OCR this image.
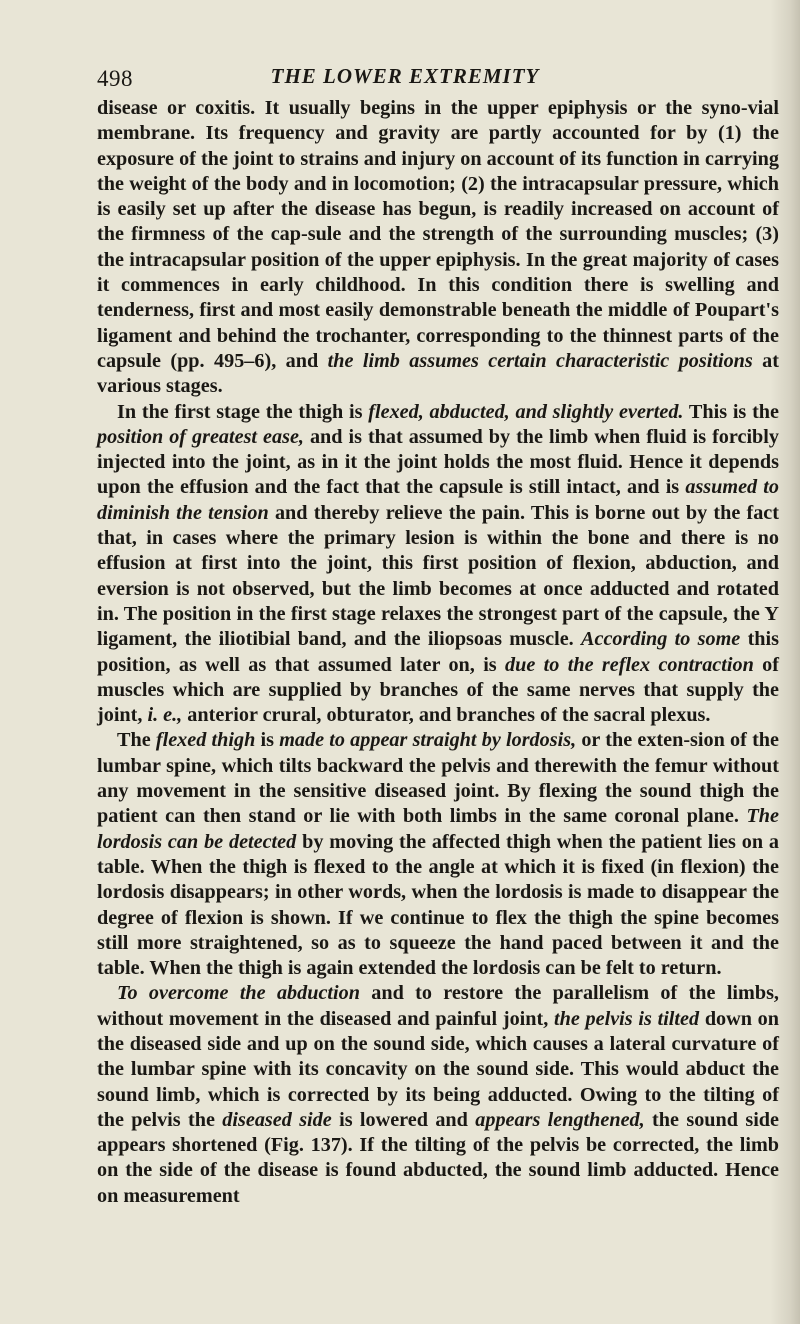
498	THE LOWER EXTREMITY

disease or coxitis. It usually begins in the upper epiphysis or the syno-vial membrane. Its frequency and gravity are partly accounted for by (1) the exposure of the joint to strains and injury on account of its function in carrying the weight of the body and in locomotion; (2) the intracapsular pressure, which is easily set up after the disease has begun, is readily increased on account of the firmness of the cap-sule and the strength of the surrounding muscles; (3) the intracapsular position of the upper epiphysis. In the great majority of cases it commences in early childhood. In this condition there is swelling and tenderness, first and most easily demonstrable beneath the middle of Poupart's ligament and behind the trochanter, corresponding to the thinnest parts of the capsule (pp. 495–6), and the limb assumes certain characteristic positions at various stages.

In the first stage the thigh is flexed, abducted, and slightly everted. This is the position of greatest ease, and is that assumed by the limb when fluid is forcibly injected into the joint, as in it the joint holds the most fluid. Hence it depends upon the effusion and the fact that the capsule is still intact, and is assumed to diminish the tension and thereby relieve the pain. This is borne out by the fact that, in cases where the primary lesion is within the bone and there is no effusion at first into the joint, this first position of flexion, abduction, and eversion is not observed, but the limb becomes at once adducted and rotated in. The position in the first stage relaxes the strongest part of the capsule, the Y ligament, the iliotibial band, and the iliopsoas muscle. According to some this position, as well as that assumed later on, is due to the reflex contraction of muscles which are supplied by branches of the same nerves that supply the joint, i. e., anterior crural, obturator, and branches of the sacral plexus.

The flexed thigh is made to appear straight by lordosis, or the exten-sion of the lumbar spine, which tilts backward the pelvis and therewith the femur without any movement in the sensitive diseased joint. By flexing the sound thigh the patient can then stand or lie with both limbs in the same coronal plane. The lordosis can be detected by moving the affected thigh when the patient lies on a table. When the thigh is flexed to the angle at which it is fixed (in flexion) the lordosis disappears; in other words, when the lordosis is made to disappear the degree of flexion is shown. If we continue to flex the thigh the spine becomes still more straightened, so as to squeeze the hand paced between it and the table. When the thigh is again extended the lordosis can be felt to return.

To overcome the abduction and to restore the parallelism of the limbs, without movement in the diseased and painful joint, the pelvis is tilted down on the diseased side and up on the sound side, which causes a lateral curvature of the lumbar spine with its concavity on the sound side. This would abduct the sound limb, which is corrected by its being adducted. Owing to the tilting of the pelvis the diseased side is lowered and appears lengthened, the sound side appears shortened (Fig. 137). If the tilting of the pelvis be corrected, the limb on the side of the disease is found abducted, the sound limb adducted. Hence on measurement
